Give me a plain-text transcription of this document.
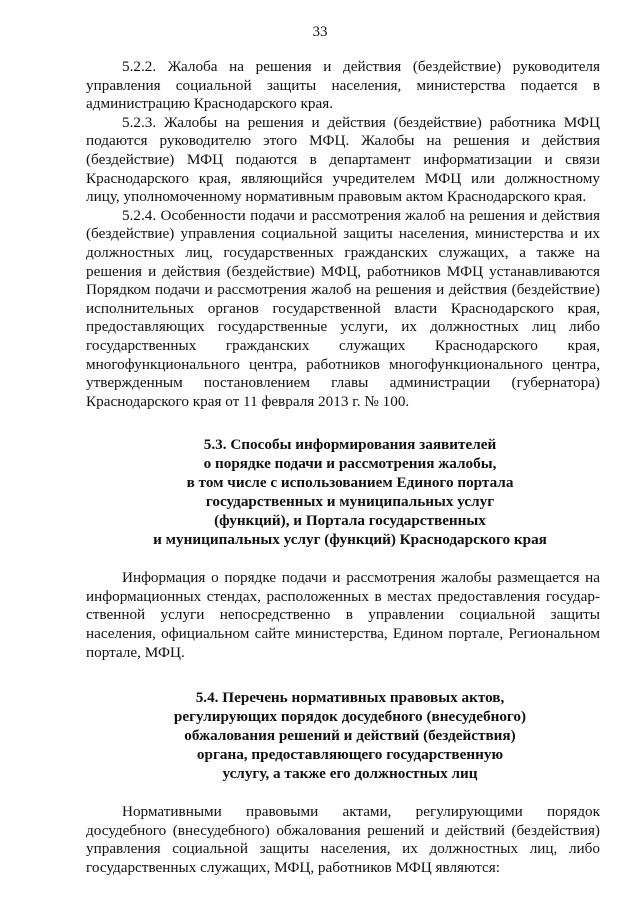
33

5.2.2. Жалоба на решения и действия (бездействие) руководителя управления социальной защиты населения, министерства подается в администрацию Краснодарского края.

5.2.3. Жалобы на решения и действия (бездействие) работника МФЦ подаются руководителю этого МФЦ. Жалобы на решения и действия (бездействие) МФЦ подаются в департамент информатизации и связи Краснодарского края, являющийся учредителем МФЦ или должностному лицу, уполномоченному нормативным правовым актом Краснодарского края.

5.2.4. Особенности подачи и рассмотрения жалоб на решения и действия (бездействие) управления социальной защиты населения, министерства и их должностных лиц, государственных гражданских служащих, а также на решения и действия (бездействие) МФЦ, работников МФЦ устанавливаются Порядком подачи и рассмотрения жалоб на решения и действия (бездействие) исполнительных органов государственной власти Краснодарского края, предоставляющих государственные услуги, их должностных лиц либо государственных гражданских служащих Краснодарского края, многофункционального центра, работников многофункционального центра, утвержденным постановлением главы администрации (губернатора) Краснодарского края от 11 февраля 2013 г. № 100.

5.3. Способы информирования заявителей

о порядке подачи и рассмотрения жалобы,

в том числе с использованием Единого портала

государственных и муниципальных услуг

(функций), и Портала государственных

и муниципальных услуг (функций) Краснодарского края

Информация о порядке подачи и рассмотрения жалобы размещается на информационных стендах, расположенных в местах предоставления государственной услуги непосредственно в управлении социальной защиты населения, официальном сайте министерства, Едином портале, Региональном портале, МФЦ.

5.4. Перечень нормативных правовых актов,

регулирующих порядок досудебного (внесудебного)

обжалования решений и действий (бездействия)

органа, предоставляющего государственную

услугу, а также его должностных лиц

Нормативными правовыми актами, регулирующими порядок досудебного (внесудебного) обжалования решений и действий (бездействия) управления социальной защиты населения, их должностных лиц, либо государственных служащих, МФЦ, работников МФЦ являются:
